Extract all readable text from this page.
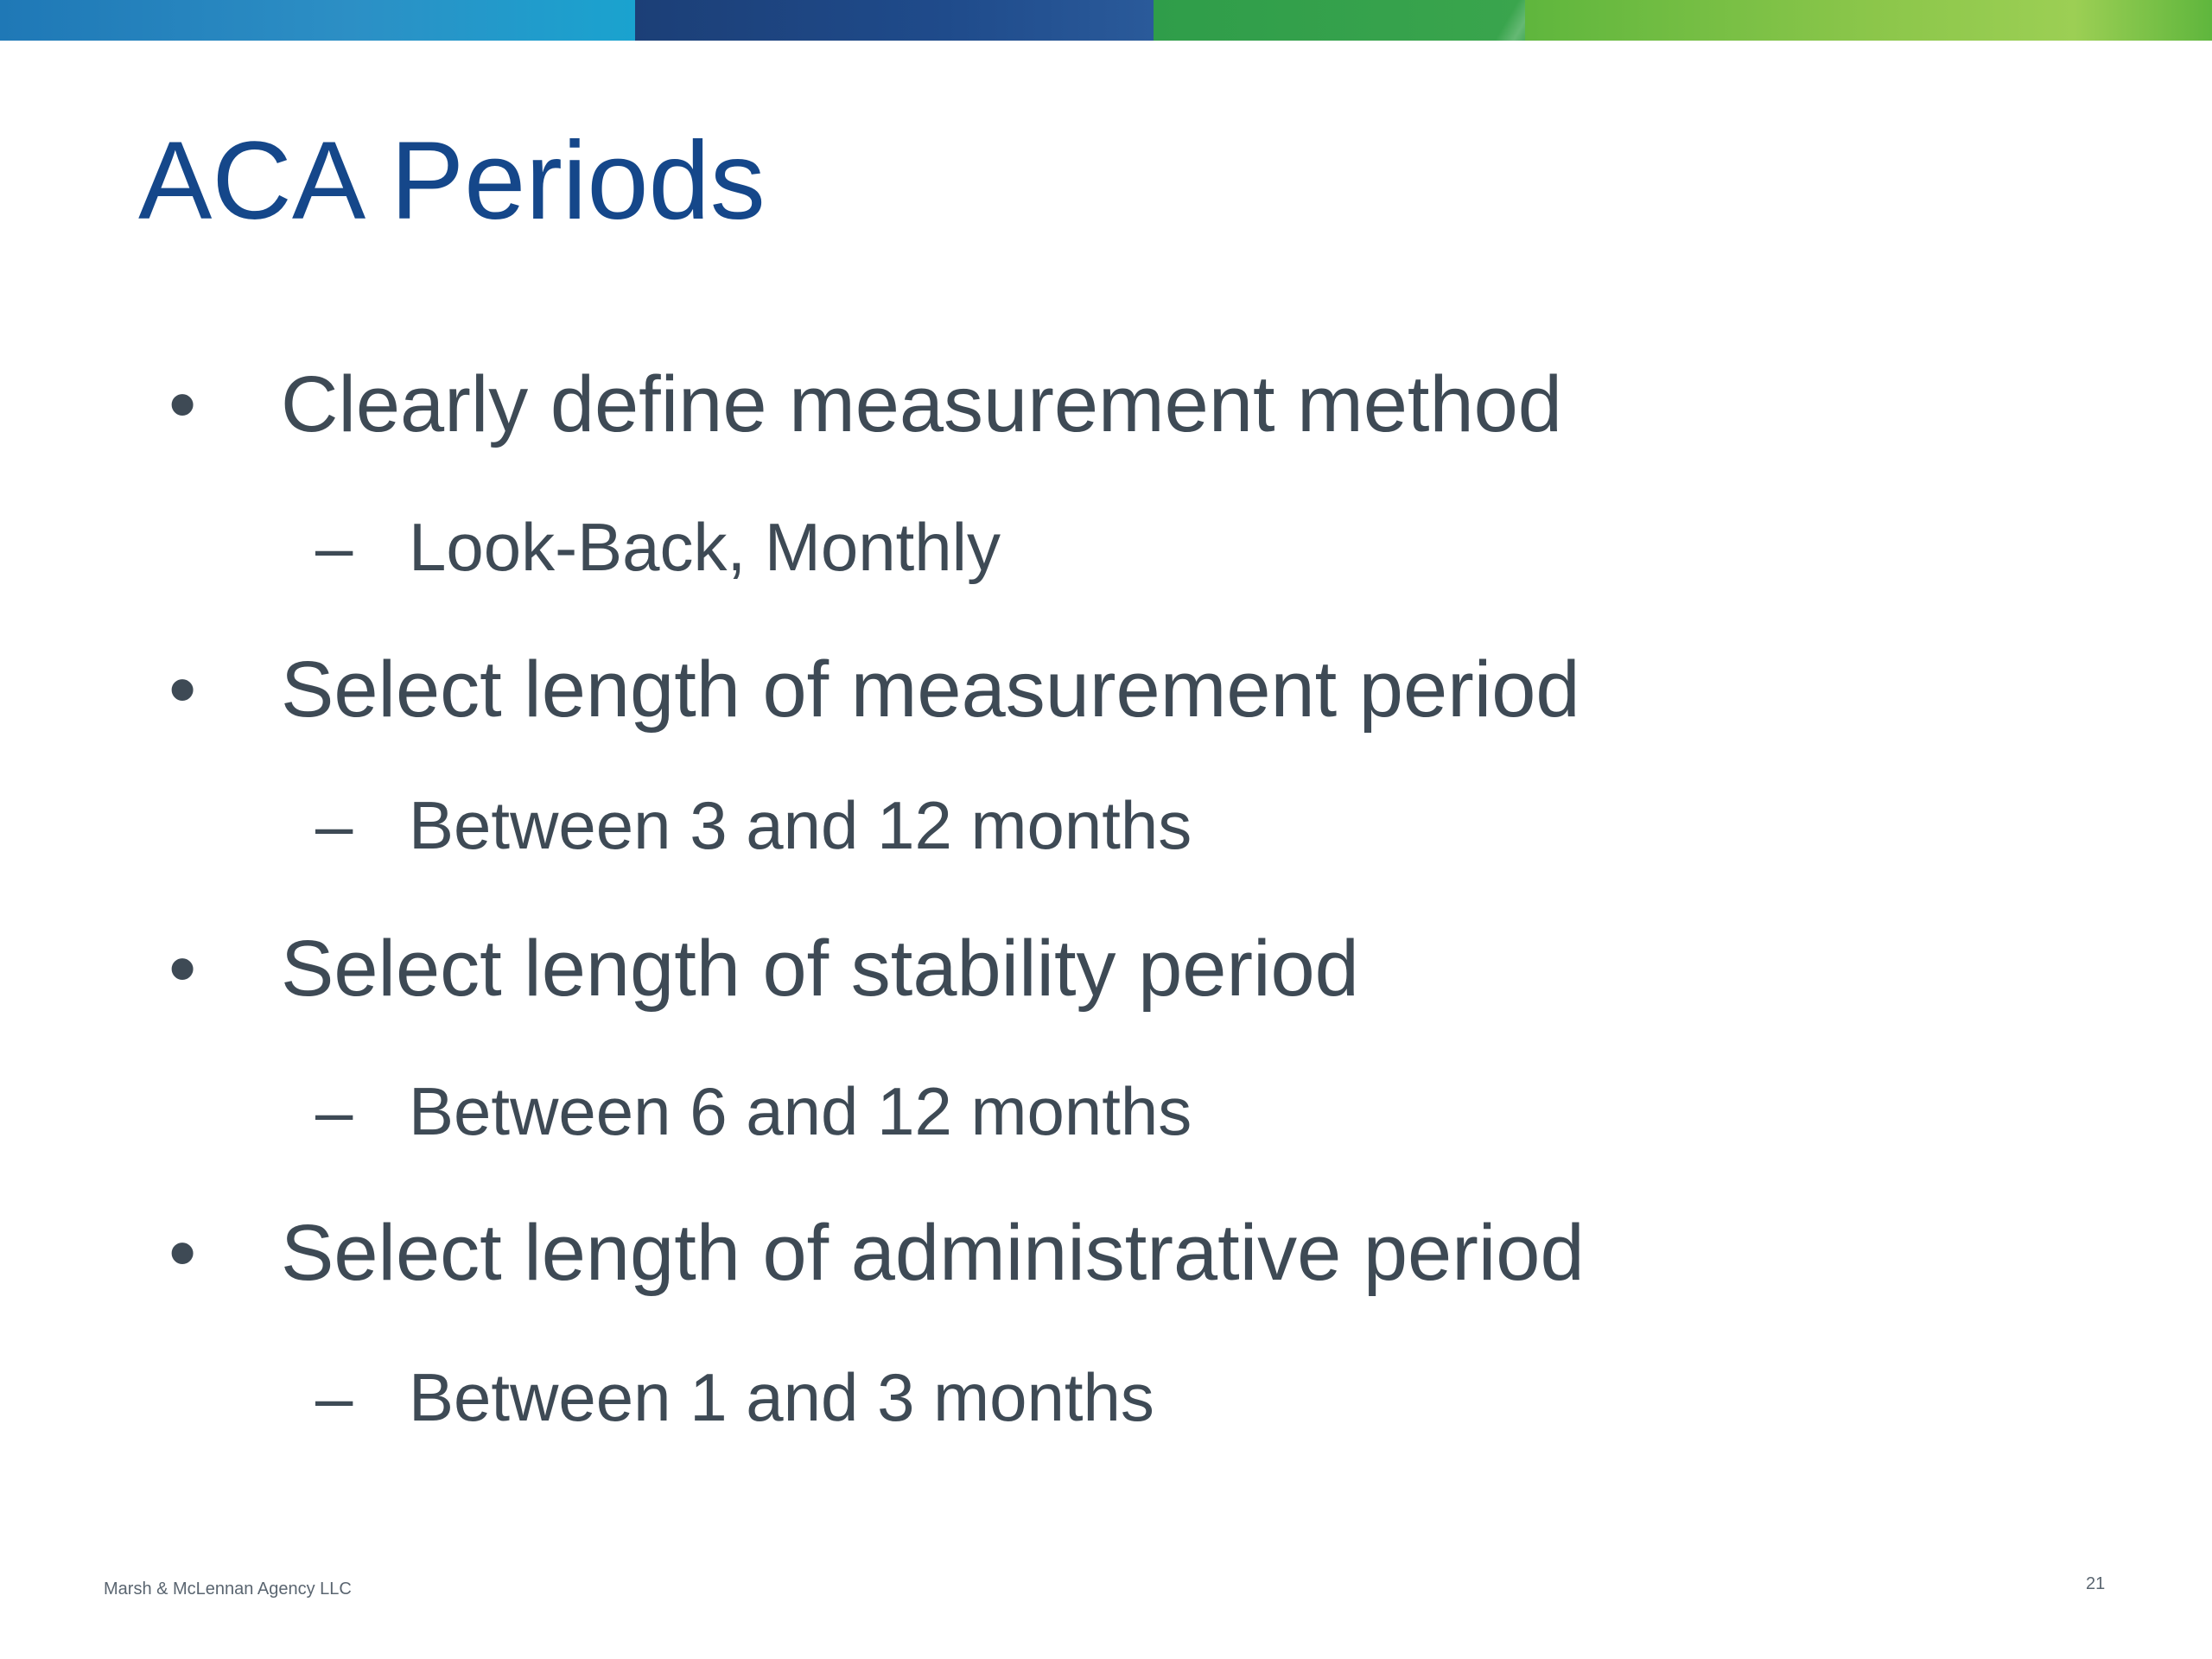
ACA Periods
• Clearly define measurement method
– Look-Back, Monthly
• Select length of measurement period
– Between 3 and 12 months
• Select length of stability period
– Between 6 and 12 months
• Select length of administrative period
– Between 1 and 3 months
Marsh & McLennan Agency LLC	21
